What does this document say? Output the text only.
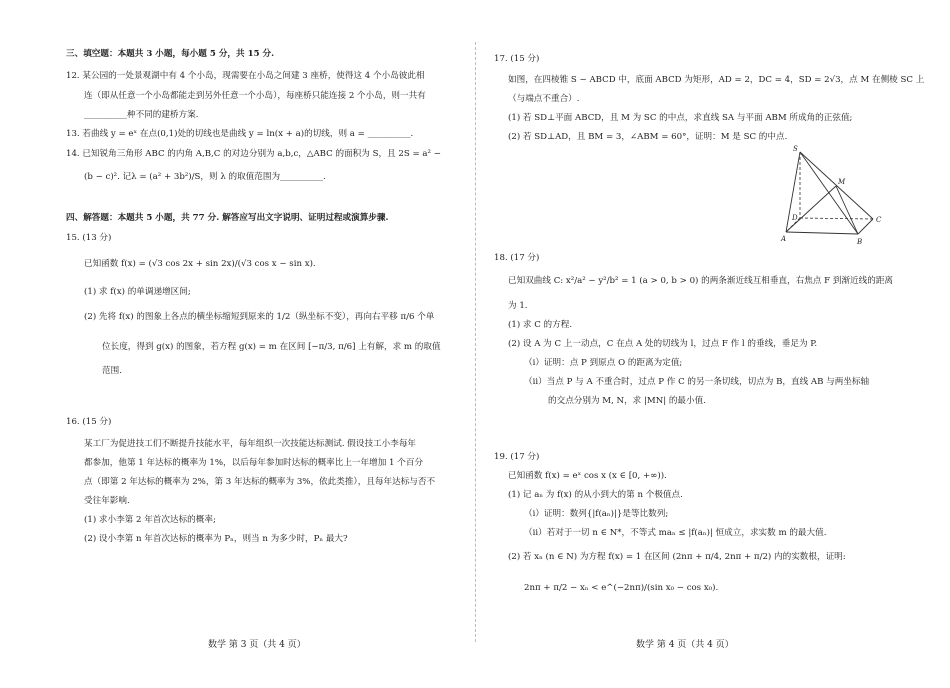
三、填空题：本题共 3 小题，每小题 5 分，共 15 分.
12. 某公园的一处景观湖中有 4 个小岛，现需要在小岛之间建 3 座桥，使得这 4 个小岛彼此相
连（即从任意一个小岛都能走到另外任意一个小岛），每座桥只能连接 2 个小岛，则一共有
__________种不同的建桥方案.
13. 若曲线 y = eˣ 在点(0,1)处的切线也是曲线 y = ln(x + a)的切线，则 a = __________.
14. 已知锐角三角形 ABC 的内角 A,B,C 的对边分别为 a,b,c，△ABC 的面积为 S，且 2S = a² −
(b − c)². 记λ = (a² + 3b²)/S，则 λ 的取值范围为__________.
四、解答题：本题共 5 小题，共 77 分. 解答应写出文字说明、证明过程或演算步骤.
15. (13 分)
已知函数 f(x) = (√3 cos 2x + sin 2x)/(√3 cos x − sin x).
(1) 求 f(x) 的单调递增区间;
(2) 先将 f(x) 的图象上各点的横坐标缩短到原来的 1/2（纵坐标不变），再向右平移 π/6 个单
位长度，得到 g(x) 的图象，若方程 g(x) = m 在区间 [−π/3, π/6] 上有解，求 m 的取值
范围.
16. (15 分)
某工厂为促进技工们不断提升技能水平，每年组织一次技能达标测试. 假设技工小李每年
都参加，他第 1 年达标的概率为 1%，以后每年参加时达标的概率比上一年增加 1 个百分
点（即第 2 年达标的概率为 2%，第 3 年达标的概率为 3%，依此类推），且每年达标与否不
受往年影响.
(1) 求小李第 2 年首次达标的概率;
(2) 设小李第 n 年首次达标的概率为 Pₙ，则当 n 为多少时，Pₙ 最大?
数学 第 3 页（共 4 页）
17. (15 分)
如图，在四棱锥 S − ABCD 中，底面 ABCD 为矩形，AD = 2，DC = 4，SD = 2√3，点 M 在侧棱 SC 上
（与端点不重合）.
(1) 若 SD⊥平面 ABCD，且 M 为 SC 的中点，求直线 SA 与平面 ABM 所成角的正弦值;
(2) 若 SD⊥AD，且 BM = 3，∠ABM = 60°，证明：M 是 SC 的中点.
S
M
D
A	B
C
18. (17 分)
已知双曲线 C: x²/a² − y²/b² = 1 (a > 0, b > 0) 的两条渐近线互相垂直，右焦点 F 到渐近线的距离
为 1.
(1) 求 C 的方程.
(2) 设 A 为 C 上一动点，C 在点 A 处的切线为 l，过点 F 作 l 的垂线，垂足为 P.
（ⅰ）证明：点 P 到原点 O 的距离为定值;
（ⅱ）当点 P 与 A 不重合时，过点 P 作 C 的另一条切线，切点为 B，直线 AB 与两坐标轴
的交点分别为 M, N，求 |MN| 的最小值.
19. (17 分)
已知函数 f(x) = eˣ cos x (x ∈ [0, +∞)).
(1) 记 aₙ 为 f(x) 的从小到大的第 n 个极值点.
（ⅰ）证明：数列{|f(aₙ)|}是等比数列;
（ⅱ）若对于一切 n ∈ N*，不等式 maₙ ≤ |f(aₙ)| 恒成立，求实数 m 的最大值.
(2) 若 xₙ (n ∈ N) 为方程 f(x) = 1 在区间 (2nπ + π/4, 2nπ + π/2) 内的实数根，证明:
2nπ + π/2 − xₙ < e^(−2nπ)/(sin x₀ − cos x₀).
数学 第 4 页（共 4 页）
